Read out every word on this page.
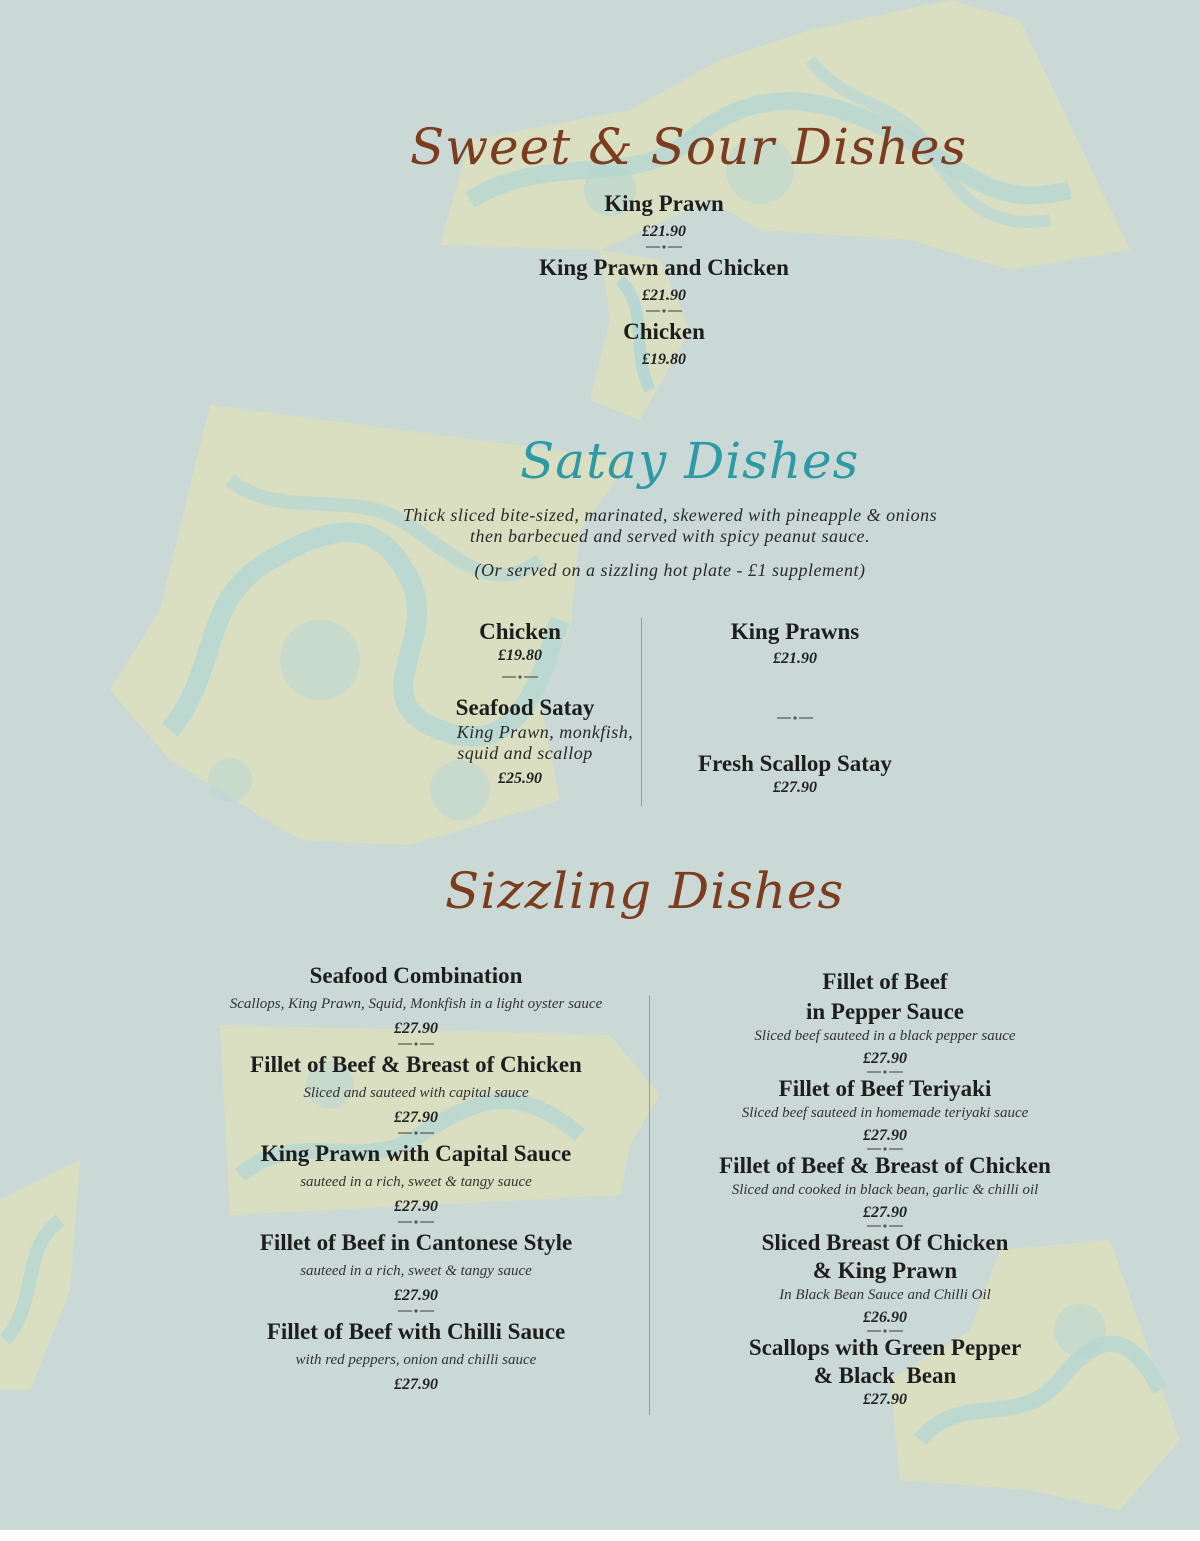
Sweet & Sour Dishes
King Prawn
£21.90
King Prawn and Chicken
£21.90
Chicken
£19.80
Satay Dishes
Thick sliced bite-sized, marinated, skewered with pineapple & onions
then barbecued and served with spicy peanut sauce.
(Or served on a sizzling hot plate - £1 supplement)
Chicken
£19.80
Seafood Satay
King Prawn, monkfish,
squid and scallop
£25.90
King Prawns
£21.90
Fresh Scallop Satay
£27.90
Sizzling Dishes
Seafood Combination
Scallops, King Prawn, Squid, Monkfish in a light oyster sauce
£27.90
Fillet of Beef & Breast of Chicken
Sliced and sauteed with capital sauce
£27.90
King Prawn with Capital Sauce
sauteed in a rich, sweet & tangy sauce
£27.90
Fillet of Beef in Cantonese Style
sauteed in a rich, sweet & tangy sauce
£27.90
Fillet of Beef with Chilli Sauce
with red peppers, onion and chilli sauce
£27.90
Fillet of Beef
in Pepper Sauce
Sliced beef sauteed in a black pepper sauce
£27.90
Fillet of Beef Teriyaki
Sliced beef sauteed in homemade teriyaki sauce
£27.90
Fillet of Beef & Breast of Chicken
Sliced and cooked in black bean, garlic & chilli oil
£27.90
Sliced Breast Of Chicken
& King Prawn
In Black Bean Sauce and Chilli Oil
£26.90
Scallops with Green Pepper
& Black  Bean
£27.90
